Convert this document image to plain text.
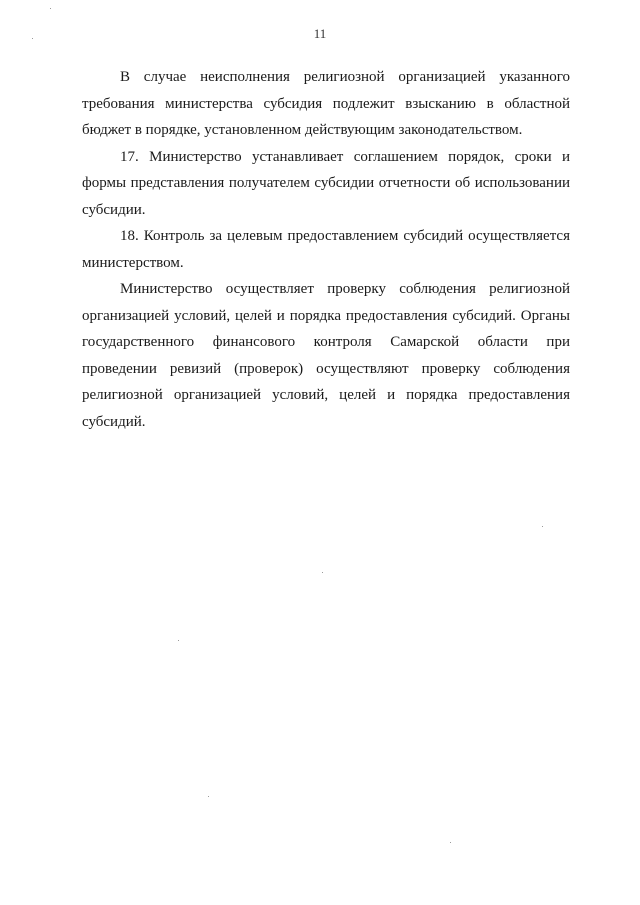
11

В случае неисполнения религиозной организацией указанного требования министерства субсидия подлежит взысканию в областной бюджет в порядке, установленном действующим законодательством.

17. Министерство устанавливает соглашением порядок, сроки и формы представления получателем субсидии отчетности об использовании субсидии.

18. Контроль за целевым предоставлением субсидий осуществляется министерством.

Министерство осуществляет проверку соблюдения религиозной организацией условий, целей и порядка предоставления субсидий. Органы государственного финансового контроля Самарской области при проведении ревизий (проверок) осуществляют проверку соблюдения религиозной организацией условий, целей и порядка предоставления субсидий.
